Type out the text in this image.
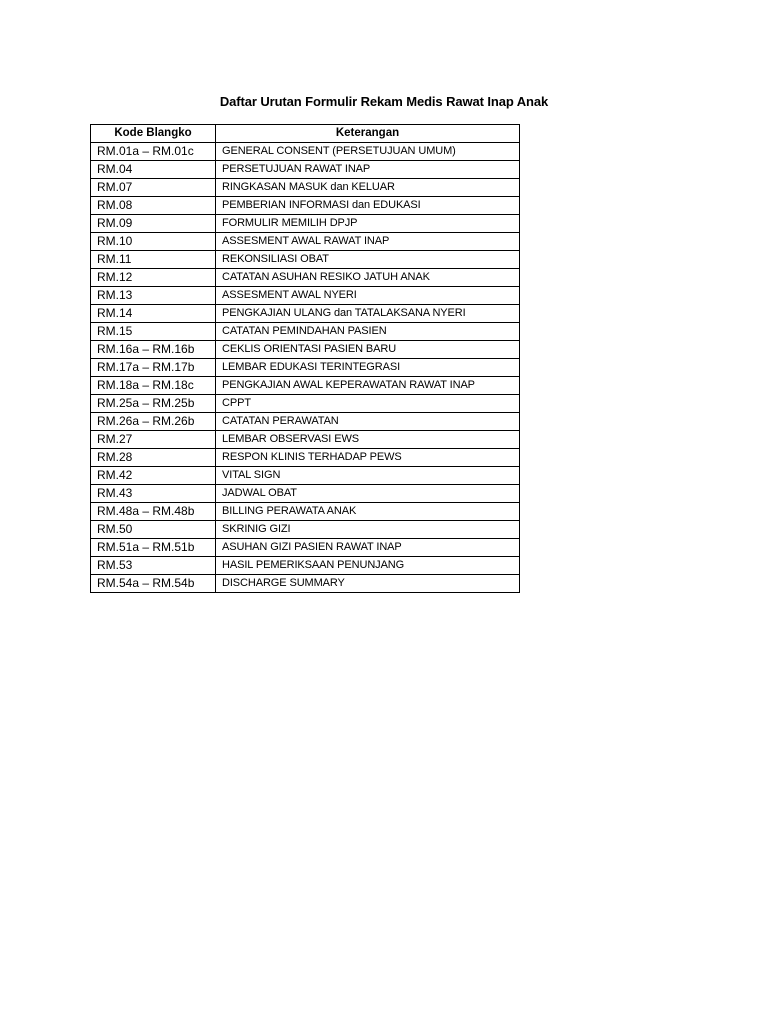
Daftar Urutan Formulir Rekam Medis Rawat Inap Anak
Kode Blangko	Keterangan
RM.01a – RM.01c	GENERAL CONSENT (PERSETUJUAN UMUM)
RM.04	PERSETUJUAN RAWAT INAP
RM.07	RINGKASAN MASUK dan KELUAR
RM.08	PEMBERIAN INFORMASI dan EDUKASI
RM.09	FORMULIR MEMILIH DPJP
RM.10	ASSESMENT AWAL RAWAT INAP
RM.11	REKONSILIASI OBAT
RM.12	CATATAN ASUHAN RESIKO JATUH ANAK
RM.13	ASSESMENT AWAL NYERI
RM.14	PENGKAJIAN ULANG dan TATALAKSANA NYERI
RM.15	CATATAN PEMINDAHAN PASIEN
RM.16a – RM.16b	CEKLIS ORIENTASI PASIEN BARU
RM.17a – RM.17b	LEMBAR EDUKASI TERINTEGRASI
RM.18a – RM.18c	PENGKAJIAN AWAL KEPERAWATAN RAWAT INAP
RM.25a – RM.25b	CPPT
RM.26a – RM.26b	CATATAN PERAWATAN
RM.27	LEMBAR OBSERVASI EWS
RM.28	RESPON KLINIS TERHADAP PEWS
RM.42	VITAL SIGN
RM.43	JADWAL OBAT
RM.48a – RM.48b	BILLING PERAWATA ANAK
RM.50	SKRINIG GIZI
RM.51a – RM.51b	ASUHAN GIZI PASIEN RAWAT INAP
RM.53	HASIL PEMERIKSAAN PENUNJANG
RM.54a – RM.54b	DISCHARGE SUMMARY
